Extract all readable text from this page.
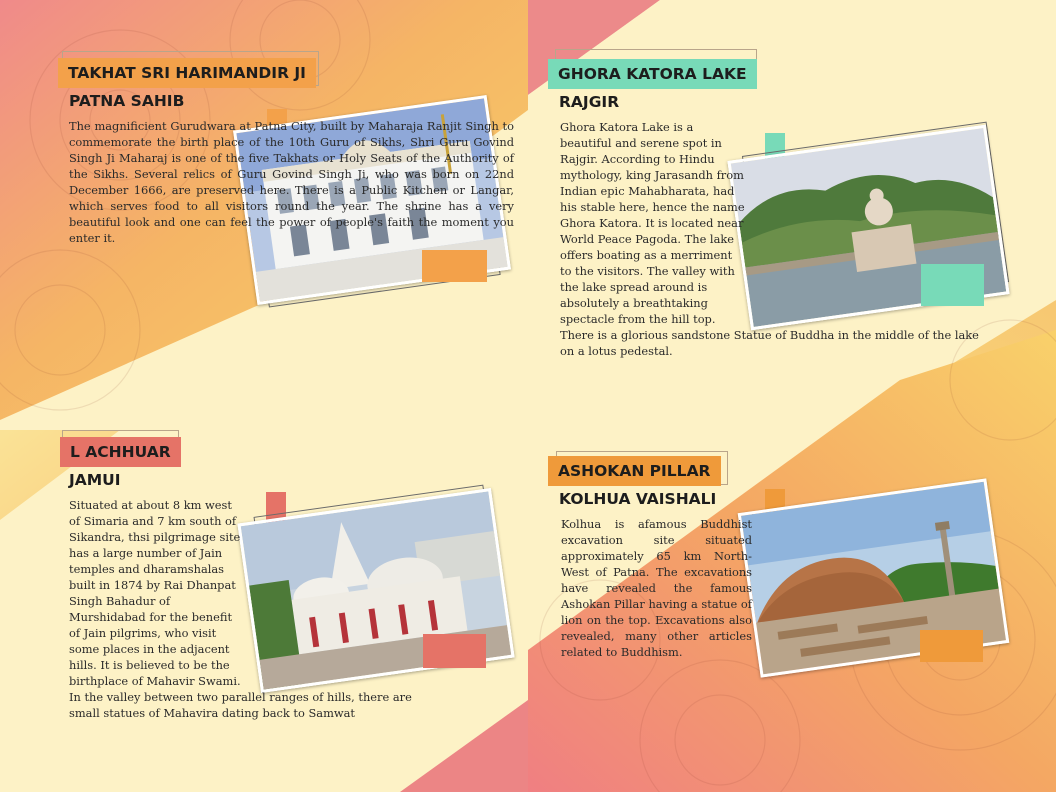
TAKHAT SRI HARIMANDIR JI
PATNA SAHIB
The magnificient Gurudwara at Patna City, built by Maharaja Ranjit Singh to commemorate the birth place of the 10th Guru of Sikhs, Shri Guru Govind Singh Ji Maharaj is one of the five Takhats or Holy Seats of the Authority of the Sikhs. Several relics of Guru Govind Singh Ji, who was born on 22nd December 1666, are preserved here. There is a Public Kitchen or Langar, which serves food to all visitors round the year. The shrine has a very beautiful look and one can feel the power of people's faith the moment you enter it.
GHORA KATORA LAKE
RAJGIR
Ghora Katora Lake is a beautiful and serene spot in Rajgir. According to Hindu mythology, king Jarasandh from Indian epic Mahabharata, had his stable here, hence the name Ghora Katora. It is located near World Peace Pagoda. The lake offers boating as a merriment to the visitors. The valley with the lake spread around is absolutely a breathtaking spectacle from the hill top. There is a glorious sandstone Statue of Buddha in the middle of the lake on a lotus pedestal.
L ACHHUAR
JAMUI
Situated at about 8 km west of Simaria and 7 km south of Sikandra, thsi pilgrimage site has a large number of Jain temples and dharamshalas built in 1874 by Rai Dhanpat Singh Bahadur of Murshidabad for the benefit of Jain pilgrims, who visit some places in the adjacent hills. It is believed to be the birthplace of Mahavir Swami. In the valley between two parallel ranges of hills, there are small statues of Mahavira dating back to Samwat
ASHOKAN PILLAR
KOLHUA VAISHALI
Kolhua is afamous Buddhist excavation site situated approximately 65 km North- West of Patna. The excavations have revealed the famous Ashokan Pillar having a statue of lion on the top. Excavations also revealed, many other articles related to Buddhism.
